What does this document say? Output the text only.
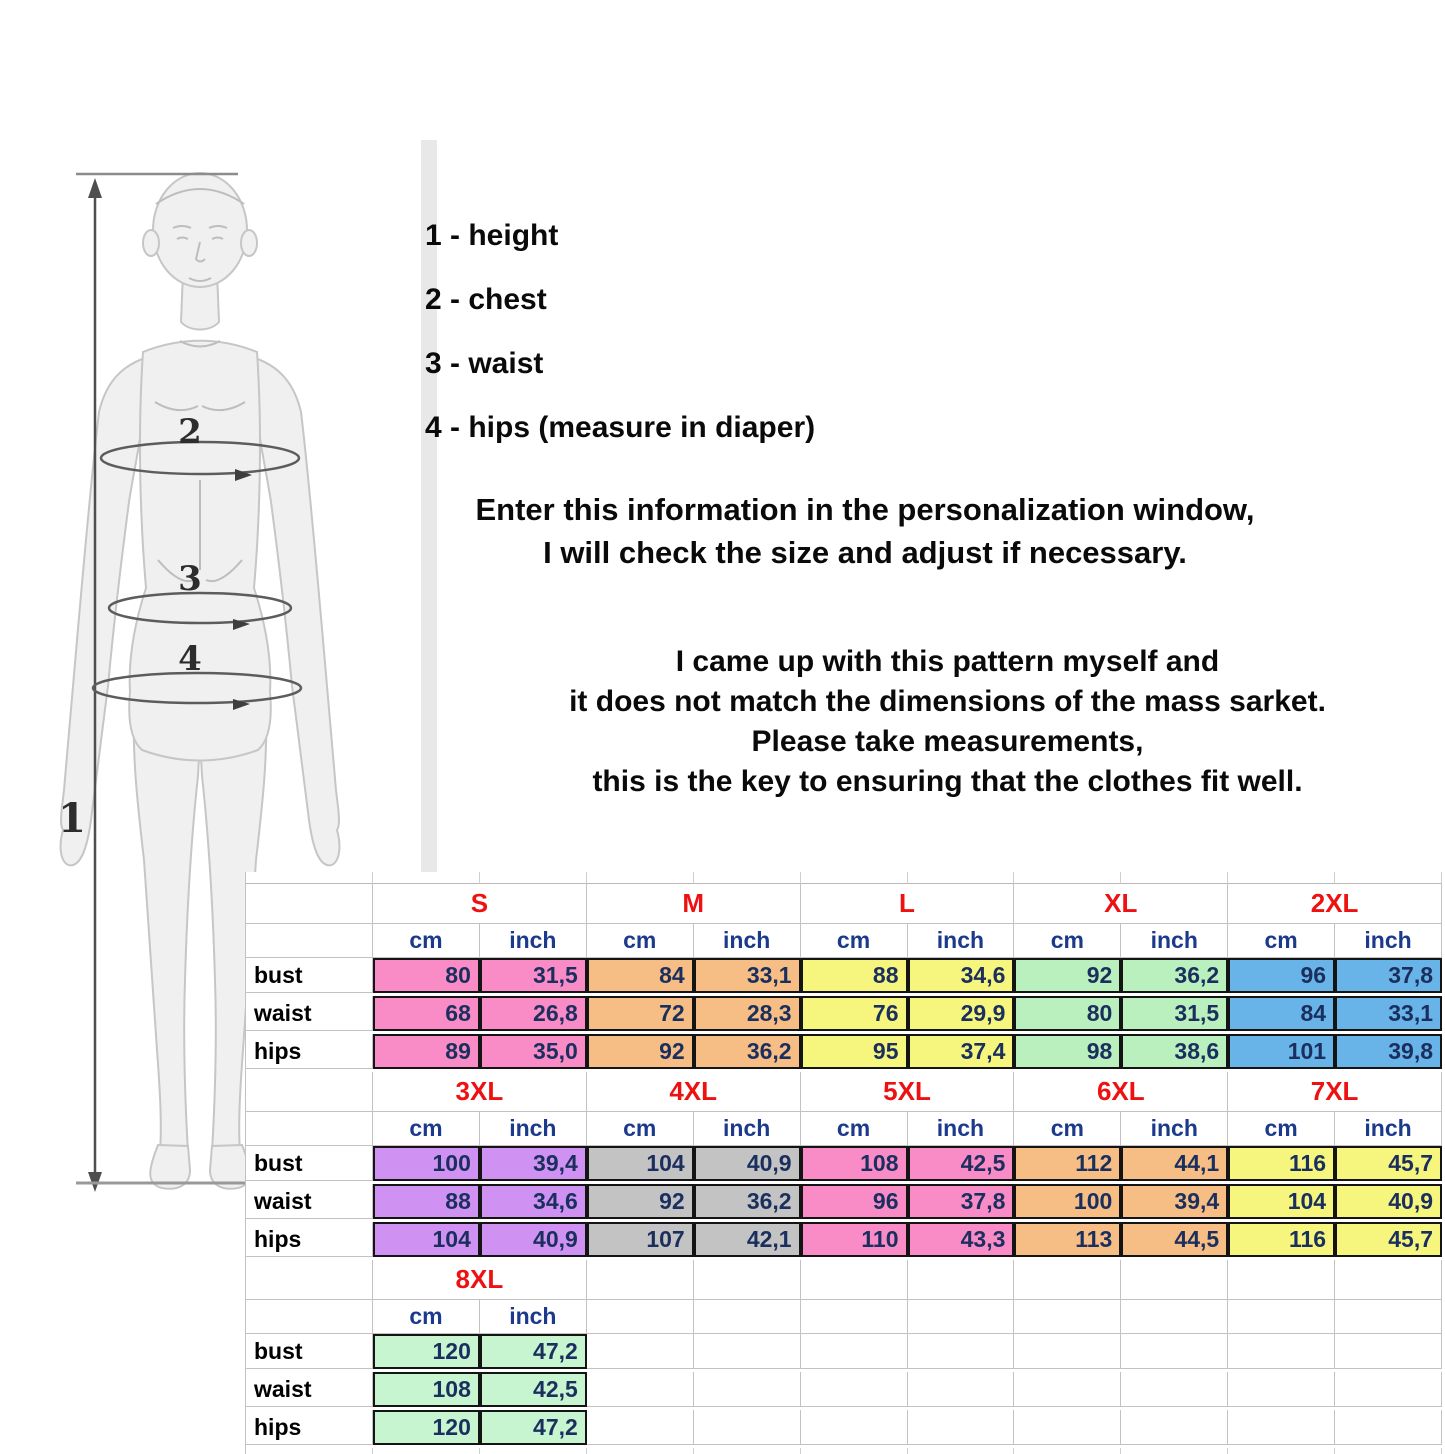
1
2
3
4
1 - height
2 - chest
3 - waist
4 - hips (measure in diaper)
Enter this information in the personalization window,
I will check the size and adjust if necessary.
I came up with this pattern myself and
it does not match the dimensions of the mass sarket.
Please take measurements,
this is the key to ensuring that the clothes fit well.
S	M	L	XL	2XL
cm	inch	cm	inch	cm	inch	cm	inch	cm	inch
bust	80	31,5	84	33,1	88	34,6	92	36,2	96	37,8
waist	68	26,8	72	28,3	76	29,9	80	31,5	84	33,1
hips	89	35,0	92	36,2	95	37,4	98	38,6	101	39,8
3XL	4XL	5XL	6XL	7XL
cm	inch	cm	inch	cm	inch	cm	inch	cm	inch
bust	100	39,4	104	40,9	108	42,5	112	44,1	116	45,7
waist	88	34,6	92	36,2	96	37,8	100	39,4	104	40,9
hips	104	40,9	107	42,1	110	43,3	113	44,5	116	45,7
8XL
cm	inch
bust	120	47,2
waist	108	42,5
hips	120	47,2
